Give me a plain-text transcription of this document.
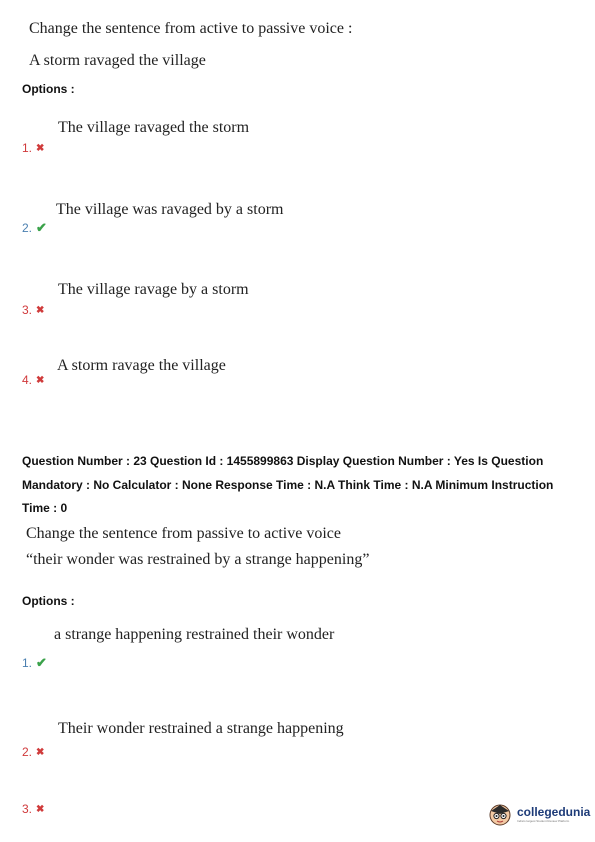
Change the sentence from active to passive voice :
A storm ravaged the village
Options :
The village ravaged the storm
1. ✖
The village was ravaged by a storm
2. ✔
The village ravage by a storm
3. ✖
A storm ravage the village
4. ✖
Question Number : 23 Question Id : 1455899863 Display Question Number : Yes Is Question
Mandatory : No Calculator : None Response Time : N.A Think Time : N.A Minimum Instruction
Time : 0
Change the sentence from passive to active voice
“their wonder was restrained by a strange happening”
Options :
a strange happening restrained their wonder
1. ✔
Their wonder restrained a strange happening
2. ✖
3. ✖	collegedunia
India's largest Student Review Platform
